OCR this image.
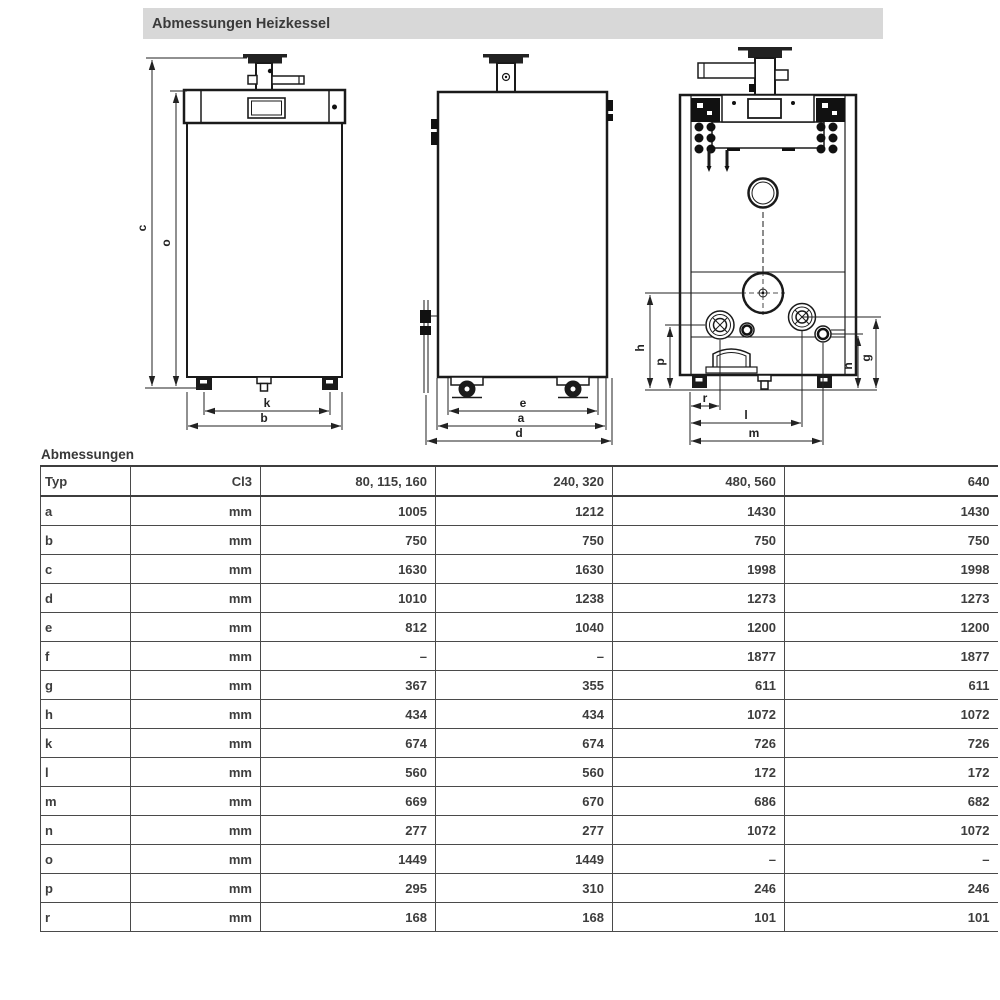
Abmessungen Heizkessel
c
o
k
b
e
a
d
h
p
n
g
r
l
m
Abmessungen
Typ	Cl3	80, 115, 160	240, 320	480, 560	640
a	mm	1005	1212	1430	1430
b	mm	750	750	750	750
c	mm	1630	1630	1998	1998
d	mm	1010	1238	1273	1273
e	mm	812	1040	1200	1200
f	mm	–	–	1877	1877
g	mm	367	355	611	611
h	mm	434	434	1072	1072
k	mm	674	674	726	726
l	mm	560	560	172	172
m	mm	669	670	686	682
n	mm	277	277	1072	1072
o	mm	1449	1449	–	–
p	mm	295	310	246	246
r	mm	168	168	101	101
